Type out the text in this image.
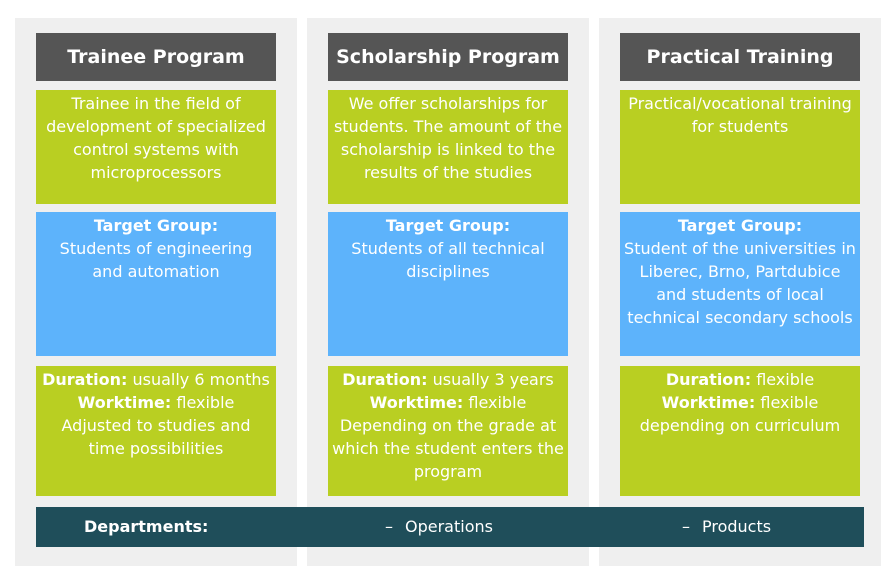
Trainee Program
Trainee in the field of
development of specialized
control systems with
microprocessors
Target Group:
Students of engineering
and automation
Duration: usually 6 months
Worktime: flexible
Adjusted to studies and
time possibilities
Scholarship Program
We offer scholarships for
students. The amount of the
scholarship is linked to the
results of the studies
Target Group:
Students of all technical
disciplines
Duration: usually 3 years
Worktime: flexible
Depending on the grade at
which the student enters the
program
Practical Training
Practical/vocational training
for students
Target Group:
Student of the universities in
Liberec, Brno, Partdubice
and students of local
technical secondary schools
Duration: flexible
Worktime: flexible
depending on curriculum
Departments:	– Operations	– Products
